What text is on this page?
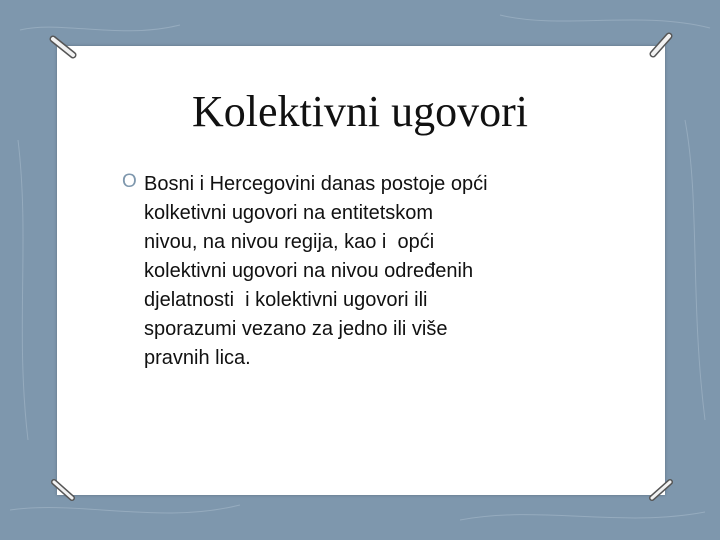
Kolektivni ugovori
O Bosni i Hercegovini danas postoje opći
kolketivni ugovori na entitetskom
nivou, na nivou regija, kao i  opći
kolektivni ugovori na nivou određenih
djelatnosti  i kolektivni ugovori ili
sporazumi vezano za jedno ili više
pravnih lica.
